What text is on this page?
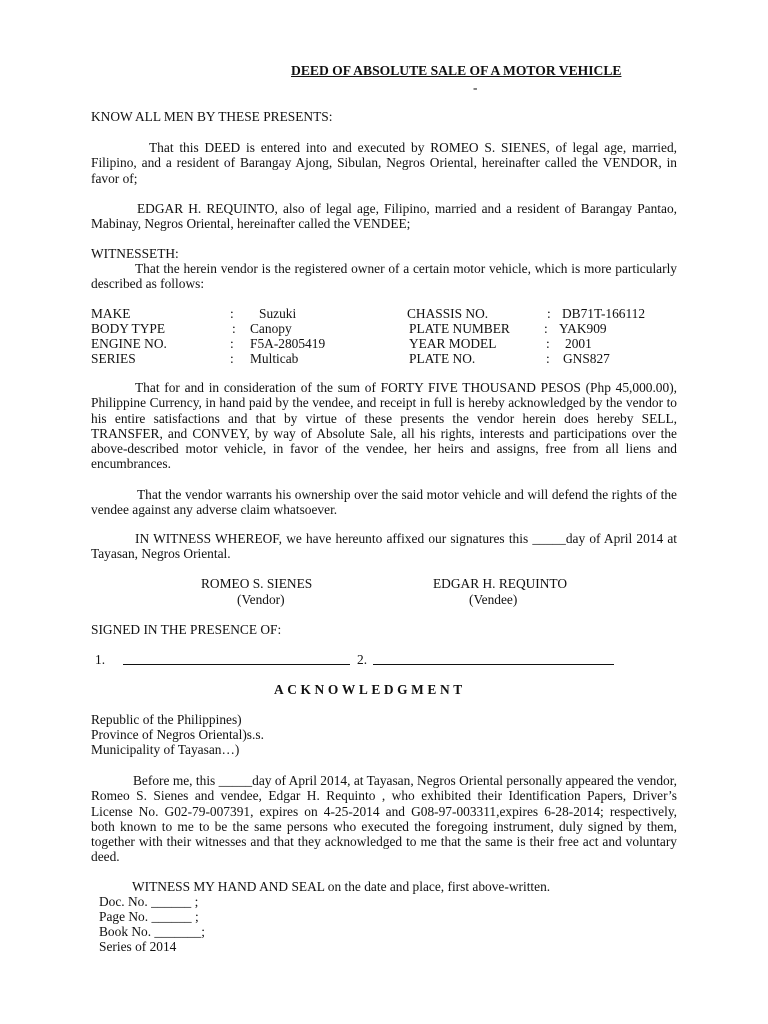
DEED OF ABSOLUTE SALE OF A MOTOR VEHICLE
-

KNOW ALL MEN BY THESE PRESENTS:

That this DEED is entered into and executed by ROMEO S. SIENES, of legal age, married, Filipino, and a resident of Barangay Ajong, Sibulan, Negros Oriental, hereinafter called the VENDOR, in favor of;

EDGAR H. REQUINTO, also of legal age, Filipino, married and a resident of Barangay Pantao, Mabinay, Negros Oriental, hereinafter called the VENDEE;

WITNESSETH:

That the herein vendor is the registered owner of a certain motor vehicle, which is more particularly described as follows:

MAKE	: Suzuki	CHASSIS NO.	: DB71T-166112
BODY TYPE	: Canopy	PLATE NUMBER	: YAK909
ENGINE NO.	: F5A-2805419	YEAR MODEL	: 2001
SERIES	: Multicab	PLATE NO.	: GNS827

That for and in consideration of the sum of FORTY FIVE THOUSAND PESOS (Php 45,000.00), Philippine Currency, in hand paid by the vendee, and receipt in full is hereby acknowledged by the vendor to his entire satisfactions and that by virtue of these presents the vendor herein does hereby SELL, TRANSFER, and CONVEY, by way of Absolute Sale, all his rights, interests and participations over the above-described motor vehicle, in favor of the vendee, her heirs and assigns, free from all liens and encumbrances.

That the vendor warrants his ownership over the said motor vehicle and will defend the rights of the vendee against any adverse claim whatsoever.

IN WITNESS WHEREOF, we have hereunto affixed our signatures this _____day of April 2014 at Tayasan, Negros Oriental.

ROMEO S. SIENES
(Vendor)
EDGAR H. REQUINTO
(Vendee)
SIGNED IN THE PRESENCE OF:
1.	2.
ACKNOWLEDGMENT

Republic of the Philippines)

Province of Negros Oriental)s.s.

Municipality of Tayasan…)

Before me, this _____day of April 2014, at Tayasan, Negros Oriental personally appeared the vendor, Romeo S. Sienes and vendee, Edgar H. Requinto , who exhibited their Identification Papers, Driver’s License No. G02-79-007391, expires on 4-25-2014 and G08-97-003311,expires 6-28-2014; respectively, both known to me to be the same persons who executed the foregoing instrument, duly signed by them, together with their witnesses and that they acknowledged to me that the same is their free act and voluntary deed.

WITNESS MY HAND AND SEAL on the date and place, first above-written.
Doc. No. ______ ;
Page No. ______ ;
Book No. _______;
Series of 2014
